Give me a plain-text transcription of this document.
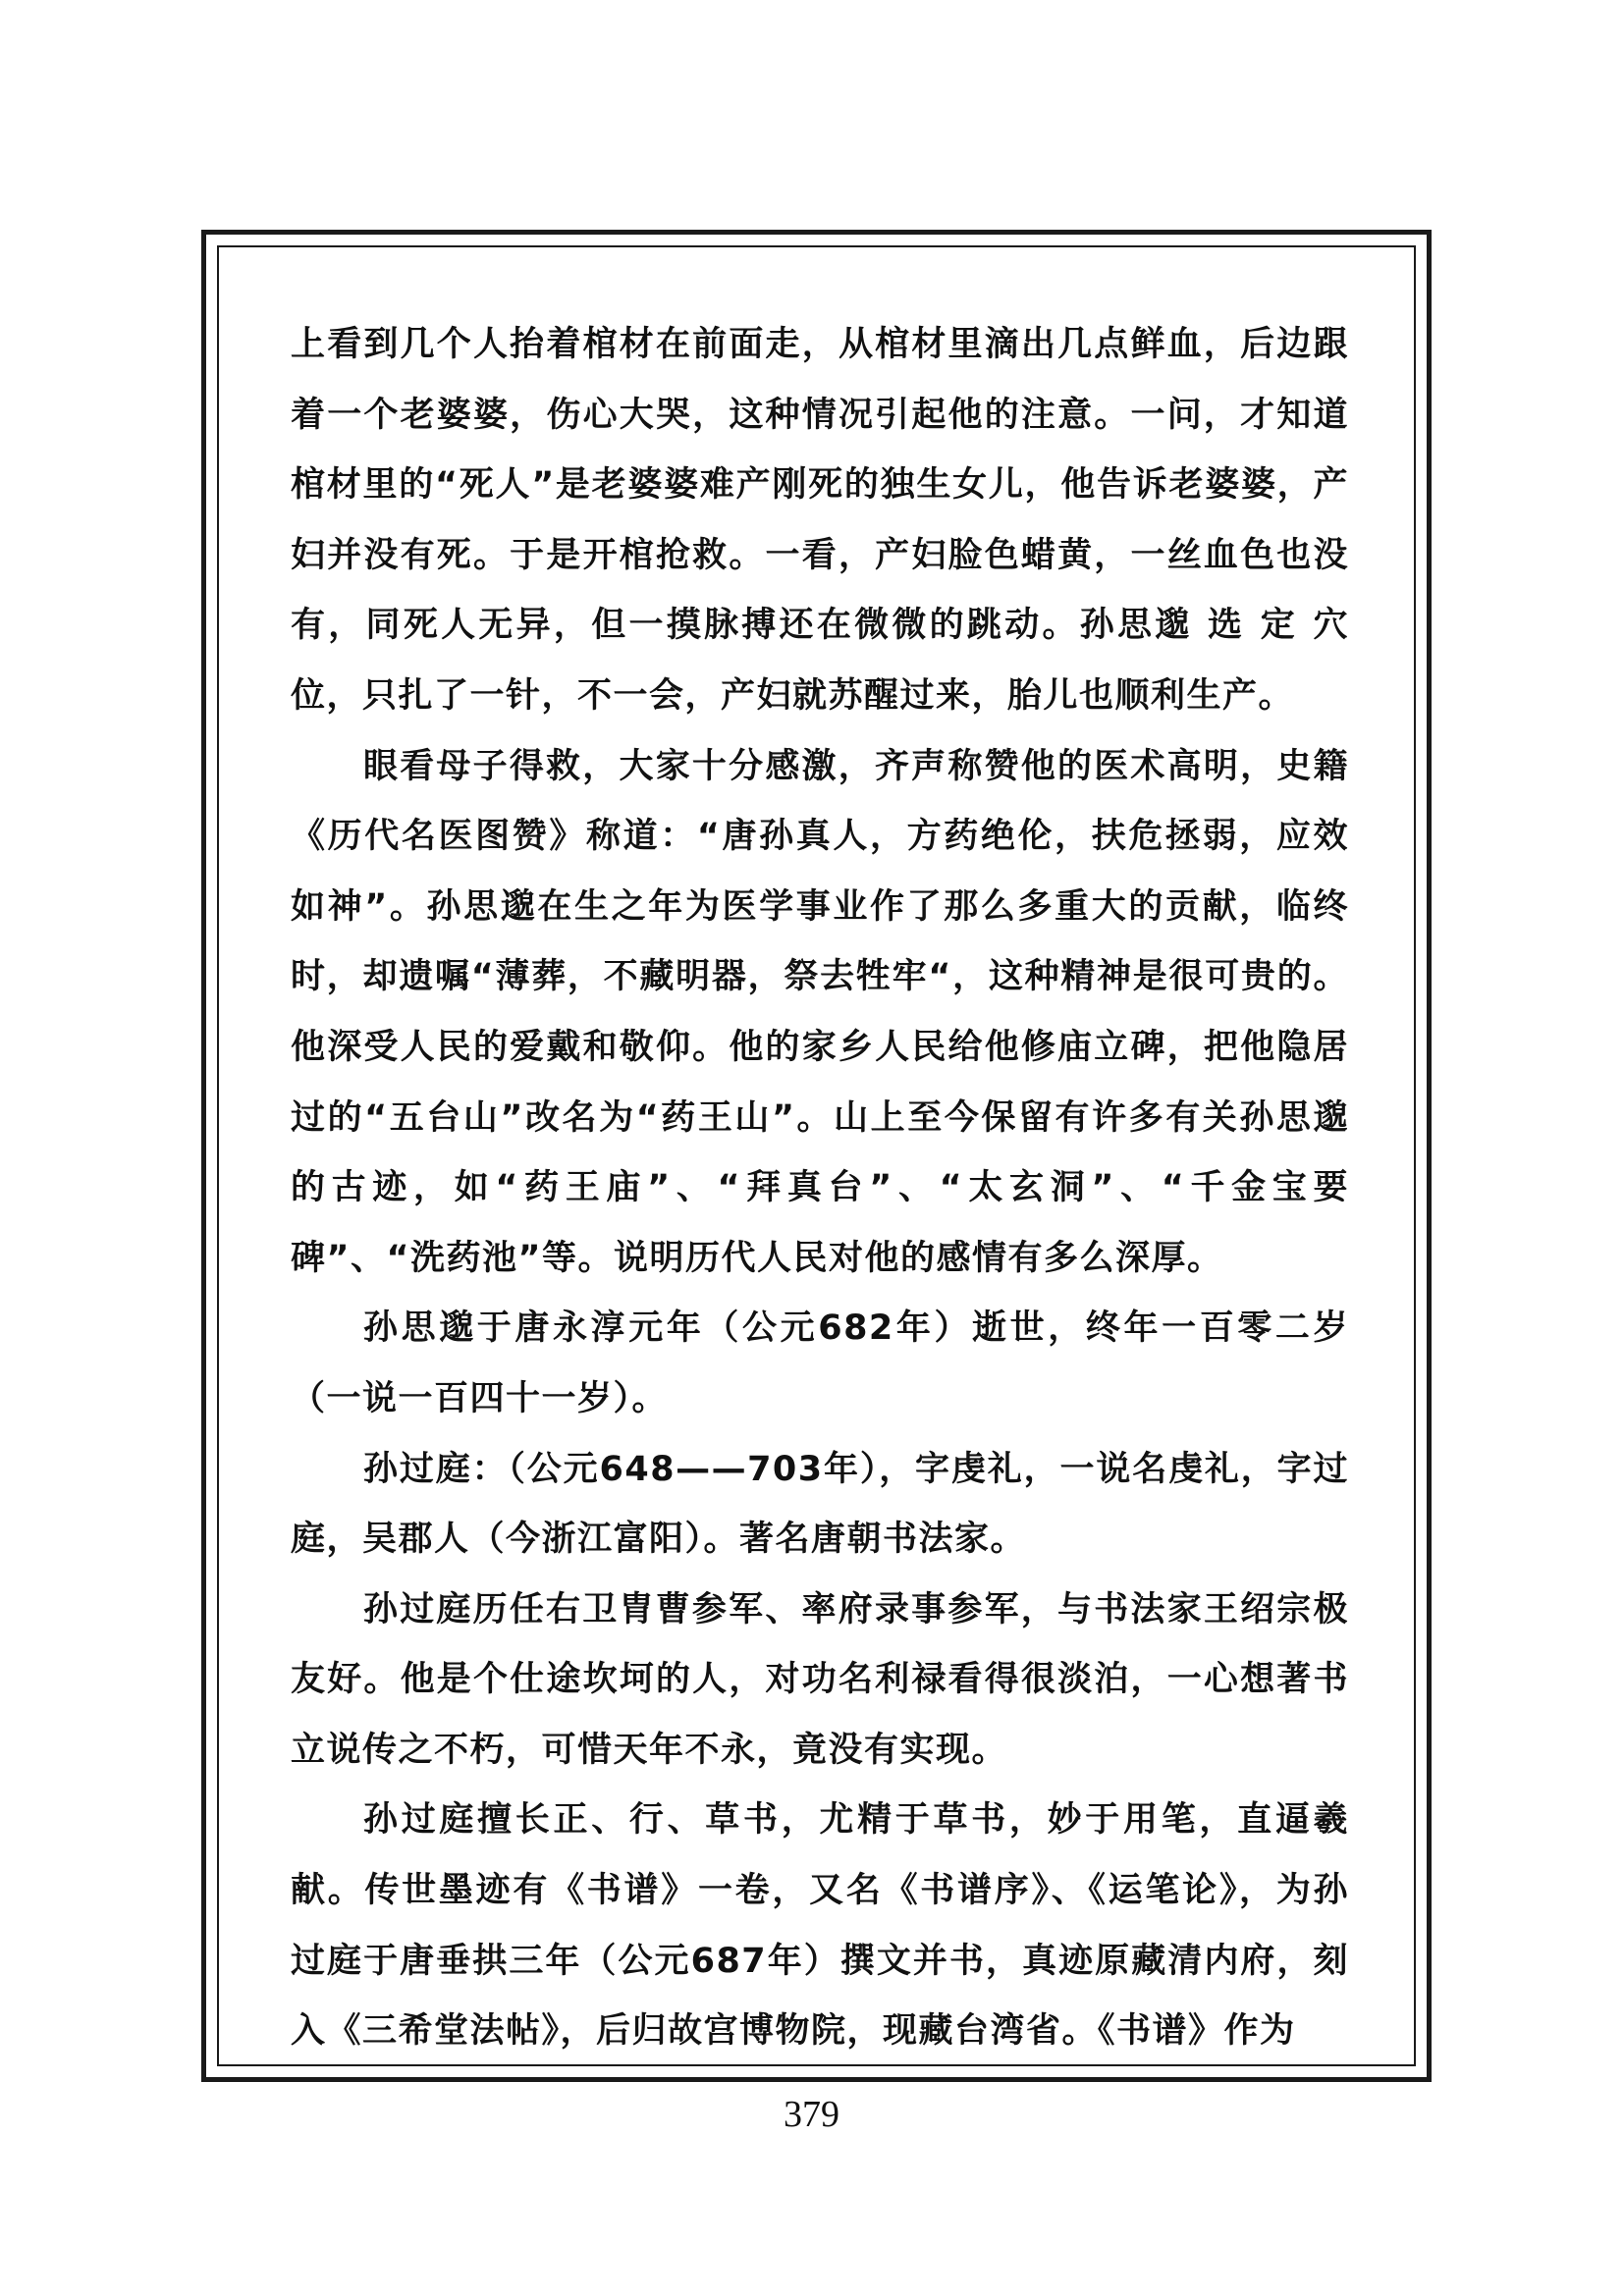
上看到几个人抬着棺材在前面走，从棺材里滴出几点鲜血，后边跟着一个老婆婆，伤心大哭，这种情况引起他的注意。一问，才知道棺材里的“死人”是老婆婆难产刚死的独生女儿，他告诉老婆婆，产妇并没有死。于是开棺抢救。一看，产妇脸色蜡黄，一丝血色也没有，同死人无异，但一摸脉搏还在微微的跳动。孙思邈 选 定 穴位，只扎了一针，不一会，产妇就苏醒过来，胎儿也顺利生产。

眼看母子得救，大家十分感激，齐声称赞他的医术高明，史籍《历代名医图赞》称道：“唐孙真人，方药绝伦，扶危拯弱，应效如神”。孙思邈在生之年为医学事业作了那么多重大的贡献，临终时，却遗嘱“薄葬，不藏明器，祭去牲牢“，这种精神是很可贵的。他深受人民的爱戴和敬仰。他的家乡人民给他修庙立碑，把他隐居过的“五台山”改名为“药王山”。山上至今保留有许多有关孙思邈的古迹，如“药王庙”、“拜真台”、“太玄洞”、“千金宝要碑”、“洗药池”等。说明历代人民对他的感情有多么深厚。

孙思邈于唐永淳元年（公元682年）逝世，终年一百零二岁（一说一百四十一岁）。

孙过庭：（公元648——703年），字虔礼，一说名虔礼，字过庭，吴郡人（今浙江富阳）。著名唐朝书法家。

孙过庭历任右卫胄曹参军、率府录事参军，与书法家王绍宗极友好。他是个仕途坎坷的人，对功名利禄看得很淡泊，一心想著书立说传之不朽，可惜天年不永，竟没有实现。

孙过庭擅长正、行、草书，尤精于草书，妙于用笔，直逼羲献。传世墨迹有《书谱》一卷，又名《书谱序》、《运笔论》，为孙过庭于唐垂拱三年（公元687年）撰文并书，真迹原藏清内府，刻入《三希堂法帖》，后归故宫博物院，现藏台湾省。《书谱》作为

379
